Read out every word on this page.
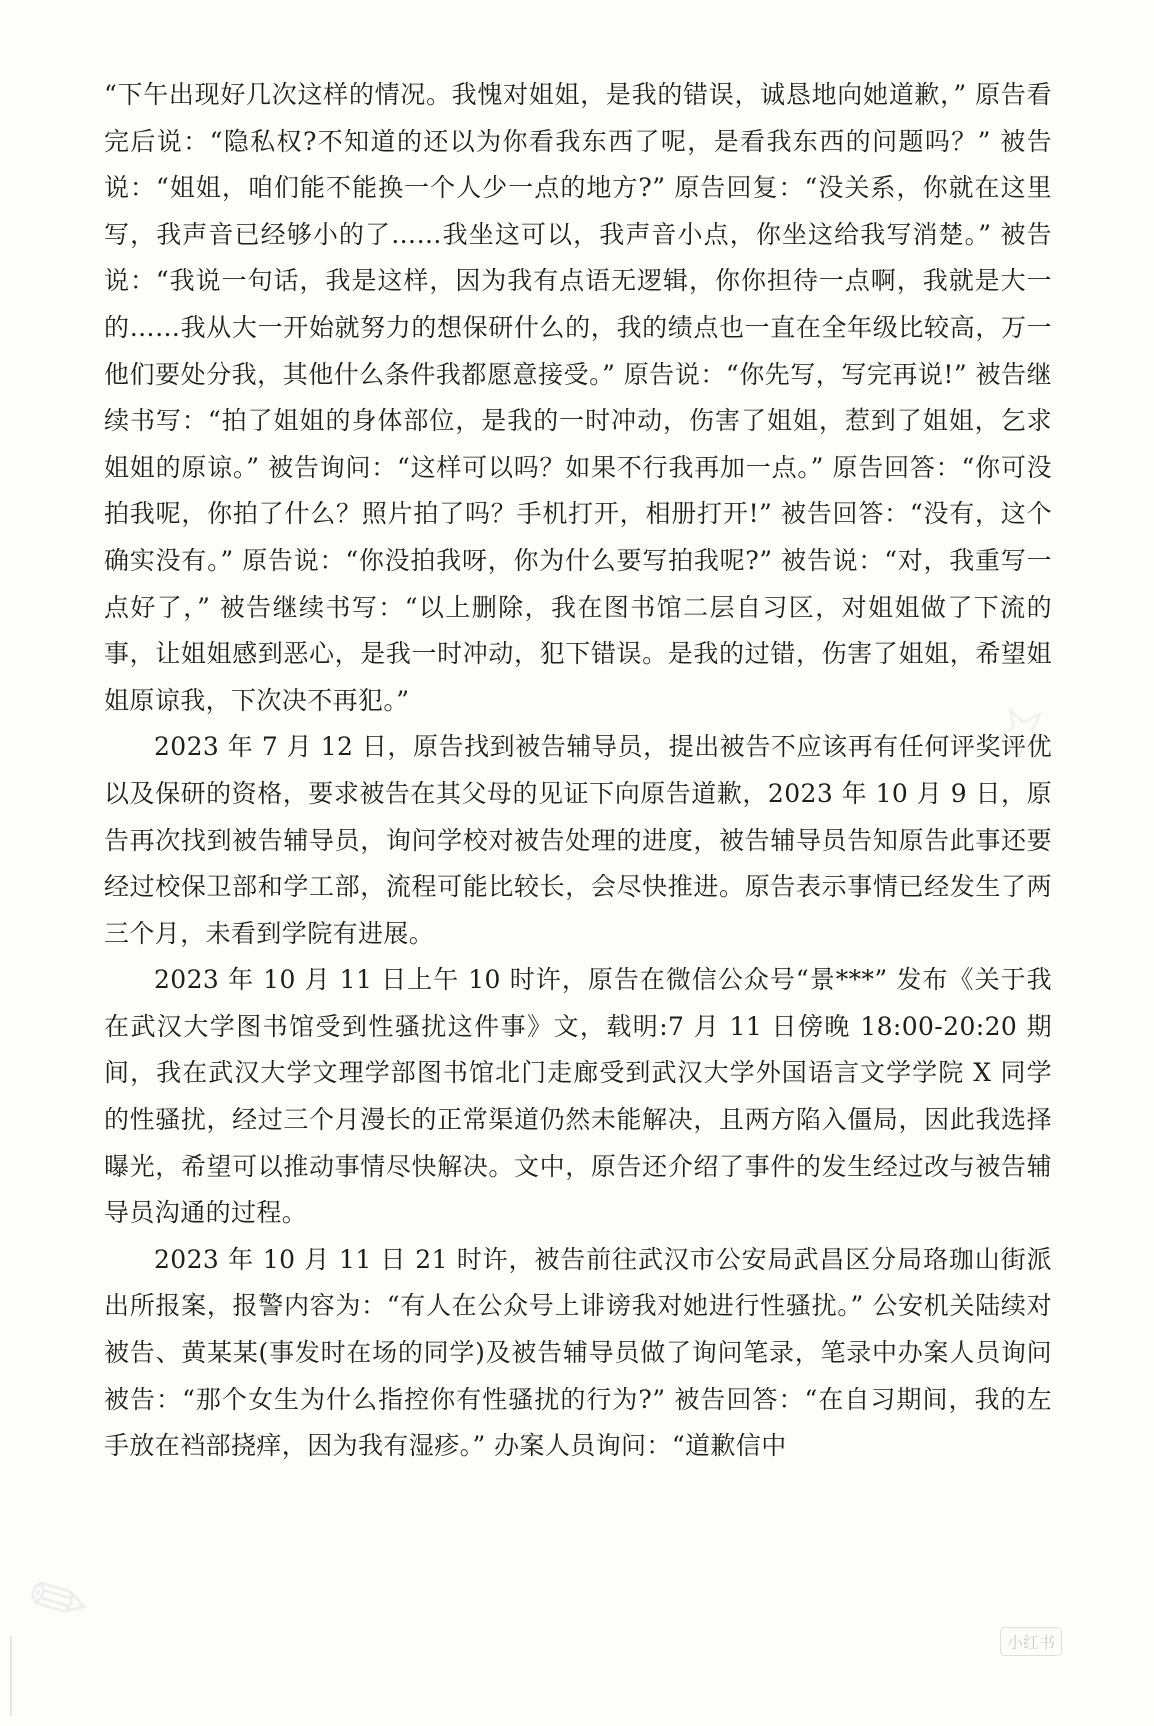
☆
✎

“下午出现好几次这样的情况。我愧对姐姐，是我的错误，诚恳地向她道歉，” 原告看完后说：“隐私权?不知道的还以为你看我东西了呢，是看我东西的问题吗？” 被告说：“姐姐，咱们能不能换一个人少一点的地方?” 原告回复：“没关系，你就在这里写，我声音已经够小的了……我坐这可以，我声音小点，你坐这给我写消楚。” 被告说：“我说一句话，我是这样，因为我有点语无逻辑，你你担待一点啊，我就是大一的……我从大一开始就努力的想保研什么的，我的绩点也一直在全年级比较高，万一他们要处分我，其他什么条件我都愿意接受。” 原告说：“你先写，写完再说!” 被告继续书写：“拍了姐姐的身体部位，是我的一时冲动，伤害了姐姐，惹到了姐姐，乞求姐姐的原谅。” 被告询问：“这样可以吗？如果不行我再加一点。” 原告回答：“你可没拍我呢，你拍了什么？照片拍了吗？手机打开，相册打开!” 被告回答：“没有，这个确实没有。” 原告说：“你没拍我呀，你为什么要写拍我呢?” 被告说：“对，我重写一点好了，” 被告继续书写：“以上删除，我在图书馆二层自习区，对姐姐做了下流的事，让姐姐感到恶心，是我一时冲动，犯下错误。是我的过错，伤害了姐姐，希望姐姐原谅我，下次决不再犯。”

2023 年 7 月 12 日，原告找到被告辅导员，提出被告不应该再有任何评奖评优以及保研的资格，要求被告在其父母的见证下向原告道歉，2023 年 10 月 9 日，原告再次找到被告辅导员，询问学校对被告处理的进度，被告辅导员告知原告此事还要经过校保卫部和学工部，流程可能比较长，会尽快推进。原告表示事情已经发生了两三个月，未看到学院有进展。

2023 年 10 月 11 日上午 10 时许，原告在微信公众号“景***” 发布《关于我在武汉大学图书馆受到性骚扰这件事》文，载明:7 月 11 日傍晚 18:00-20:20 期间，我在武汉大学文理学部图书馆北门走廊受到武汉大学外国语言文学学院 X 同学的性骚扰，经过三个月漫长的正常渠道仍然未能解决，且两方陷入僵局，因此我选择曝光，希望可以推动事情尽快解决。文中，原告还介绍了事件的发生经过改与被告辅导员沟通的过程。

2023 年 10 月 11 日 21 时许，被告前往武汉市公安局武昌区分局珞珈山街派出所报案，报警内容为：“有人在公众号上诽谤我对她进行性骚扰。” 公安机关陆续对被告、黄某某(事发时在场的同学)及被告辅导员做了询问笔录，笔录中办案人员询问被告：“那个女生为什么指控你有性骚扰的行为?” 被告回答：“在自习期间，我的左手放在裆部挠痒，因为我有湿疹。” 办案人员询问：“道歉信中

小红书
